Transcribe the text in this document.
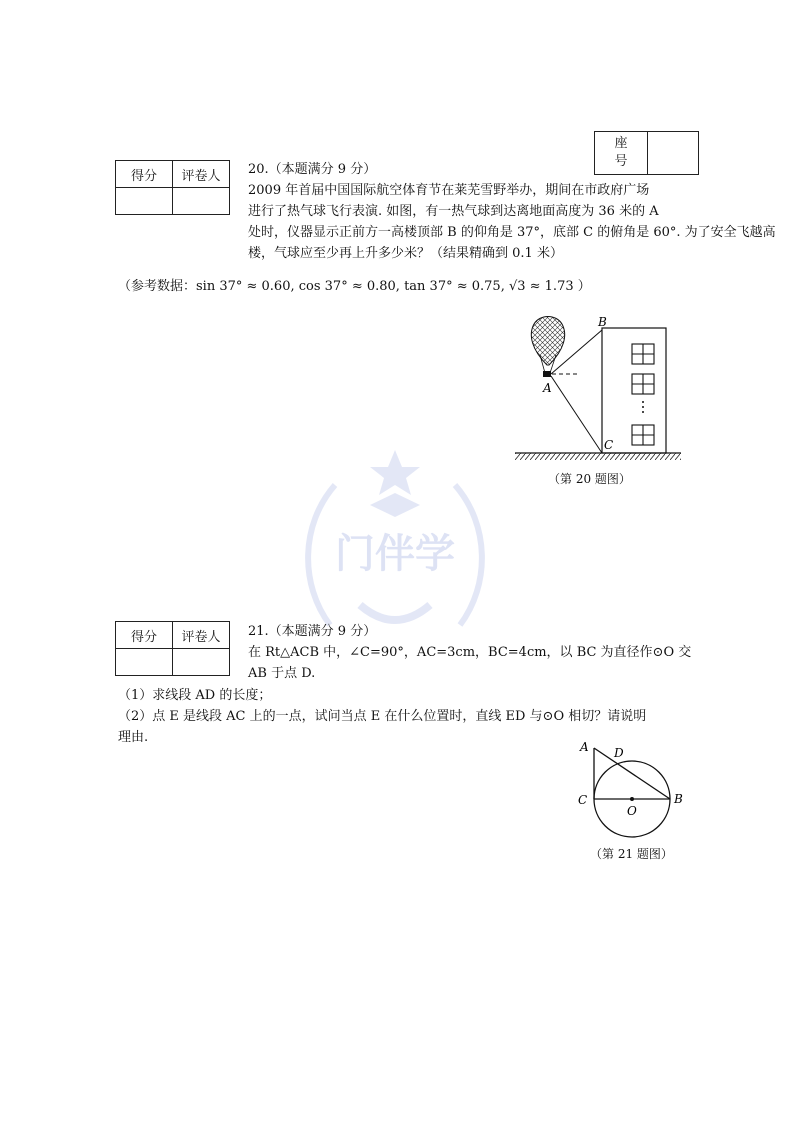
座号	
得分	评卷人
	20.（本题满分 9 分）
2009 年首届中国国际航空体育节在莱芜雪野举办，期间在市政府广场
进行了热气球飞行表演. 如图，有一热气球到达离地面高度为 36 米的 A
处时，仪器显示正前方一高楼顶部 B 的仰角是 37°，底部 C 的俯角是 60°. 为了安全飞越高
楼，气球应至少再上升多少米？（结果精确到 0.1 米）
（参考数据：sin 37° ≈ 0.60, cos 37° ≈ 0.80, tan 37° ≈ 0.75, √3 ≈ 1.73 ）
A
B
C
（第 20 题图）
门伴学
得分	评卷人
	21.（本题满分 9 分）
在 Rt△ACB 中，∠C=90°，AC=3cm，BC=4cm，以 BC 为直径作⊙O 交
AB 于点 D.
（1）求线段 AD 的长度；
（2）点 E 是线段 AC 上的一点，试问当点 E 在什么位置时，直线 ED 与⊙O 相切？请说明
理由.
A D
C
O
B
（第 21 题图）
